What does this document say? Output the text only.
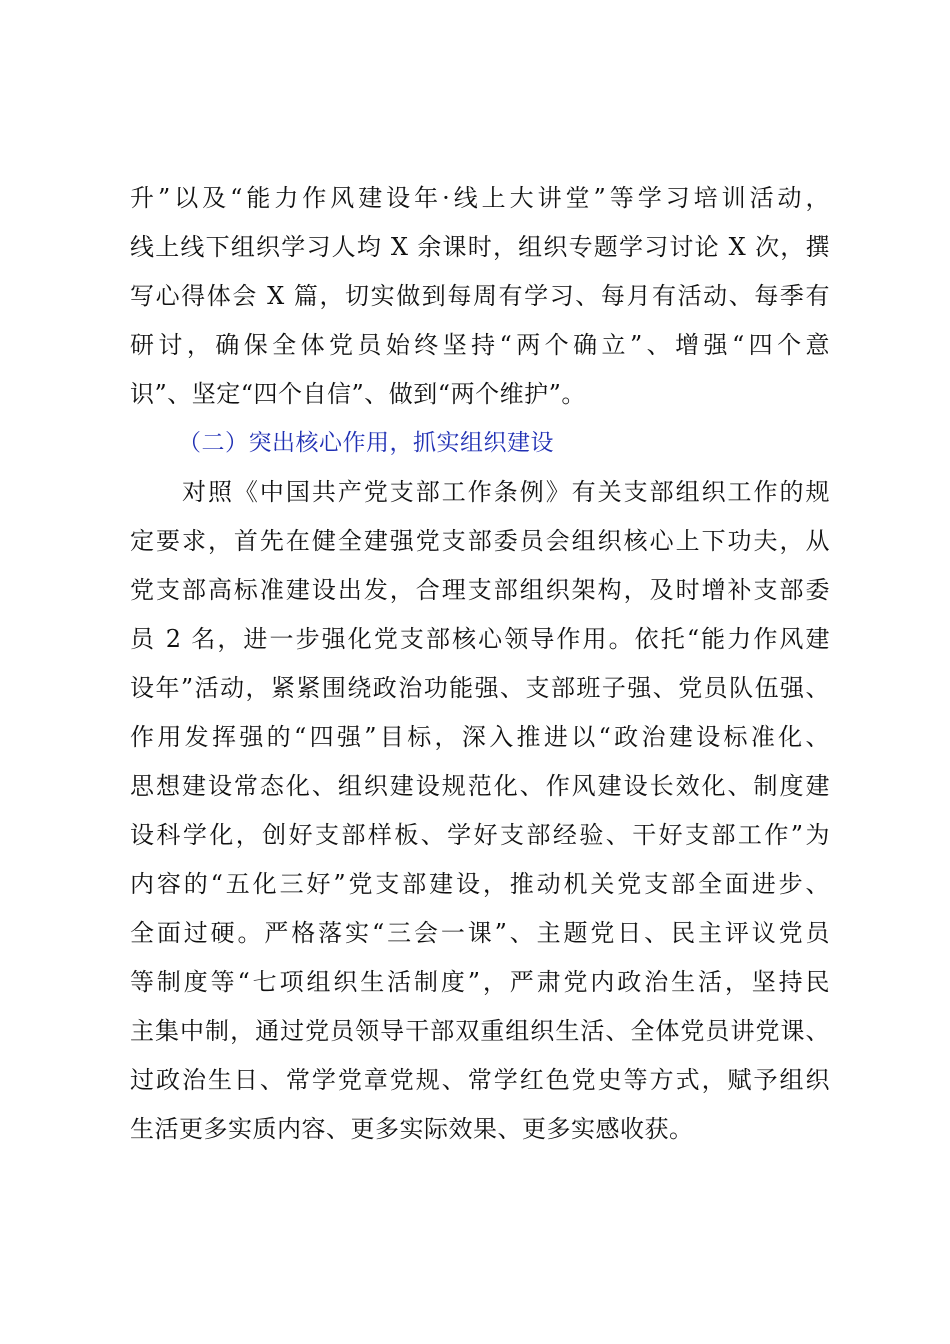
升”以及“能力作风建设年·线上大讲堂”等学习培训活动，
线上线下组织学习人均 X 余课时，组织专题学习讨论 X 次，撰
写心得体会 X 篇，切实做到每周有学习、每月有活动、每季有
研讨，确保全体党员始终坚持“两个确立”、增强“四个意
识”、坚定“四个自信”、做到“两个维护”。
（二）突出核心作用，抓实组织建设
　　对照《中国共产党支部工作条例》有关支部组织工作的规
定要求，首先在健全建强党支部委员会组织核心上下功夫，从
党支部高标准建设出发，合理支部组织架构，及时增补支部委
员 2 名，进一步强化党支部核心领导作用。依托“能力作风建
设年”活动，紧紧围绕政治功能强、支部班子强、党员队伍强、
作用发挥强的“四强”目标，深入推进以“政治建设标准化、
思想建设常态化、组织建设规范化、作风建设长效化、制度建
设科学化，创好支部样板、学好支部经验、干好支部工作”为
内容的“五化三好”党支部建设，推动机关党支部全面进步、
全面过硬。严格落实“三会一课”、主题党日、民主评议党员
等制度等“七项组织生活制度”，严肃党内政治生活，坚持民
主集中制，通过党员领导干部双重组织生活、全体党员讲党课、
过政治生日、常学党章党规、常学红色党史等方式，赋予组织
生活更多实质内容、更多实际效果、更多实感收获。
